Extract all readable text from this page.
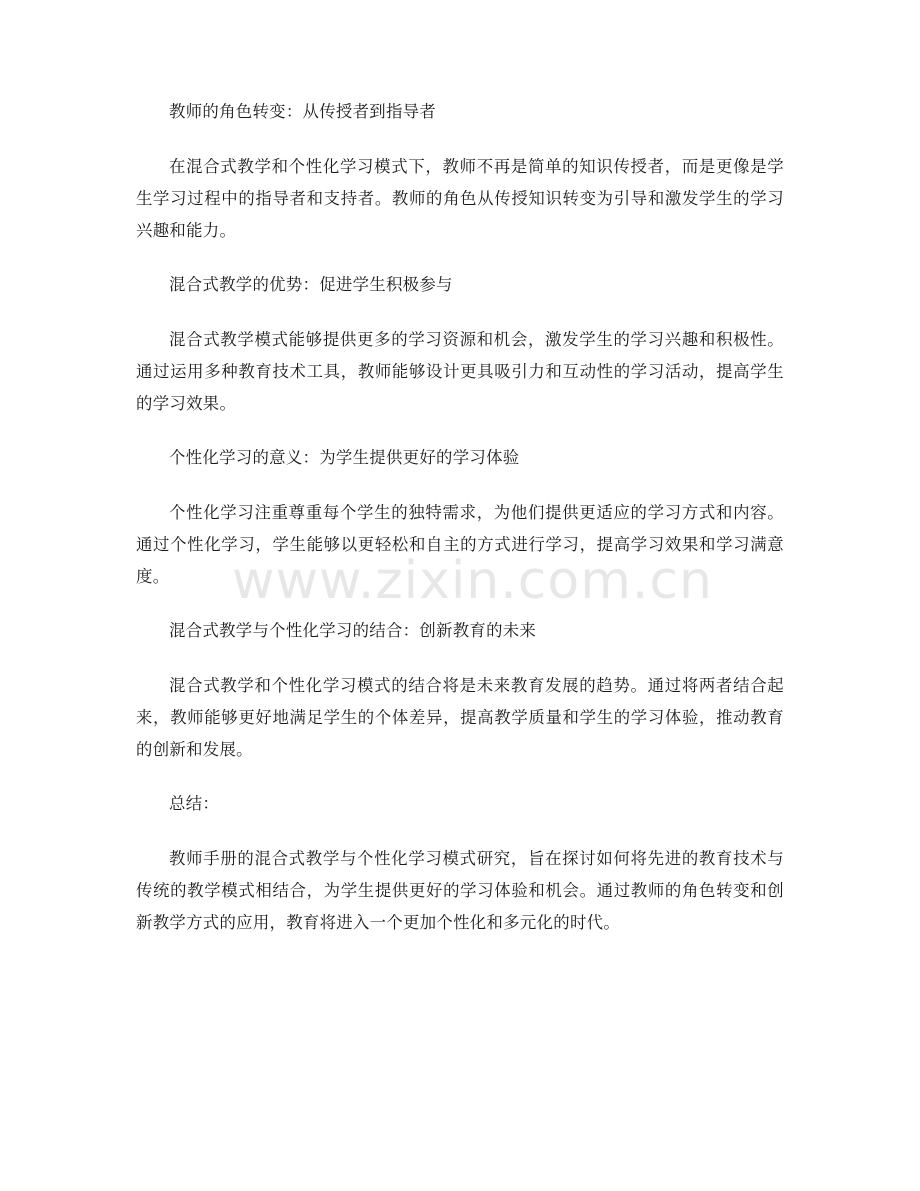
教师的角色转变：从传授者到指导者

在混合式教学和个性化学习模式下，教师不再是简单的知识传授者，而是更像是学生学习过程中的指导者和支持者。教师的角色从传授知识转变为引导和激发学生的学习兴趣和能力。

混合式教学的优势：促进学生积极参与

混合式教学模式能够提供更多的学习资源和机会，激发学生的学习兴趣和积极性。通过运用多种教育技术工具，教师能够设计更具吸引力和互动性的学习活动，提高学生的学习效果。

个性化学习的意义：为学生提供更好的学习体验

个性化学习注重尊重每个学生的独特需求，为他们提供更适应的学习方式和内容。通过个性化学习，学生能够以更轻松和自主的方式进行学习，提高学习效果和学习满意度。

混合式教学与个性化学习的结合：创新教育的未来

混合式教学和个性化学习模式的结合将是未来教育发展的趋势。通过将两者结合起来，教师能够更好地满足学生的个体差异，提高教学质量和学生的学习体验，推动教育的创新和发展。

总结：

教师手册的混合式教学与个性化学习模式研究，旨在探讨如何将先进的教育技术与传统的教学模式相结合，为学生提供更好的学习体验和机会。通过教师的角色转变和创新教学方式的应用，教育将进入一个更加个性化和多元化的时代。

www.zixin.com.cn
